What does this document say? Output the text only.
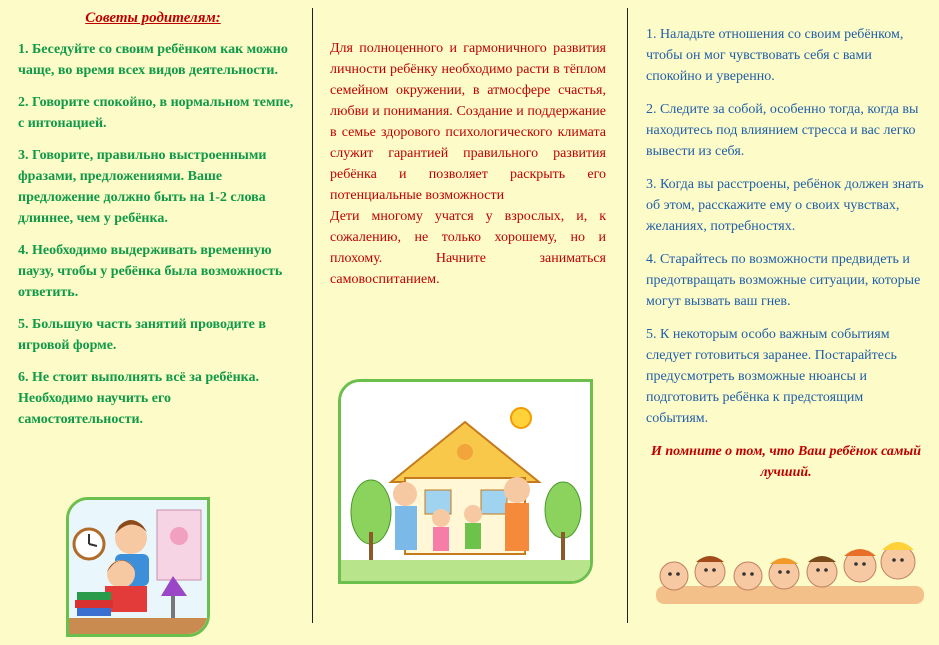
Советы родителям:

1. Беседуйте со своим ребёнком как можно чаще, во время всех видов деятельности.

2. Говорите спокойно, в нормальном темпе, с интонацией.

3. Говорите, правильно выстроенными фразами, предложениями. Ваше предложение должно быть на 1-2 слова длиннее, чем у ребёнка.

4. Необходимо выдерживать временную паузу, чтобы у ребёнка была возможность ответить.

5. Большую часть занятий проводите в игровой форме.

6. Не стоит выполнять всё за ребёнка. Необходимо научить его самостоятельности.

Для полноценного и гармоничного развития личности ребёнку необходимо расти в тёплом семейном окружении, в атмосфере счастья, любви и понимания. Создание и поддержание в семье здорового психологического климата служит гарантией правильного развития ребёнка и позволяет раскрыть его потенциальные возможности

Дети многому учатся у взрослых, и, к сожалению, не только хорошему, но и плохому. Начните заниматься самовоспитанием.

1. Наладьте отношения со своим ребёнком, чтобы он мог чувствовать себя с вами спокойно и уверенно.

2. Следите за собой, особенно тогда, когда вы находитесь под влиянием стресса и вас легко вывести из себя.

3. Когда вы расстроены, ребёнок должен знать об этом, расскажите ему о своих чувствах, желаниях, потребностях.

4. Старайтесь по возможности предвидеть и предотвращать возможные ситуации, которые могут вызвать ваш гнев.

5. К некоторым особо важным событиям следует готовиться заранее. Постарайтесь предусмотреть возможные нюансы и подготовить ребёнка к предстоящим событиям.

И помните о том, что Ваш ребёнок самый лучший.
